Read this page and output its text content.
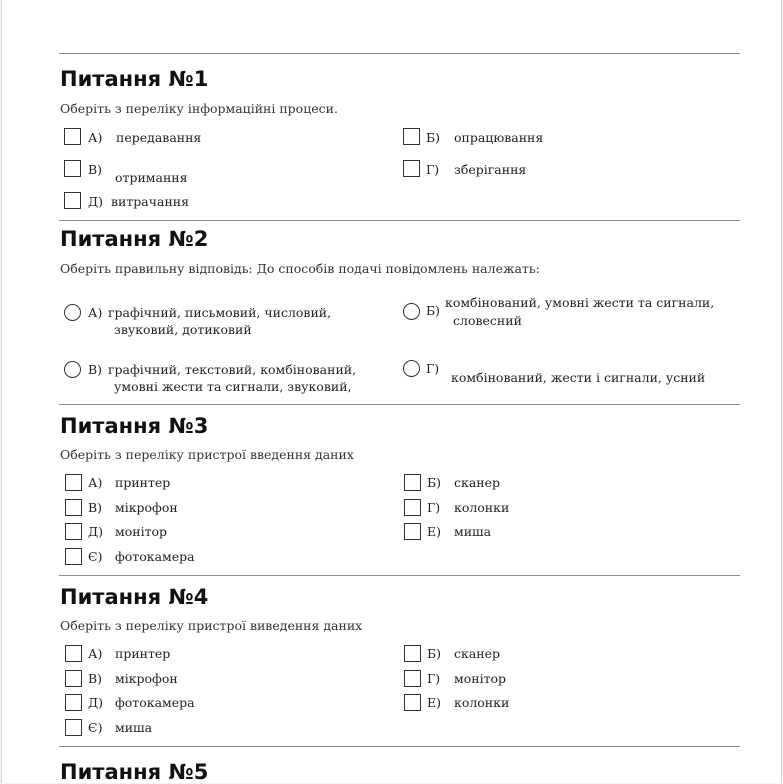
Питання №1
Оберіть з переліку інформаційні процеси.
А) передавання	Б) опрацювання
В)
отримання
Г) зберігання
Д) витрачання
Питання №2
Оберіть правильну відповідь: До способів подачі повідомлень належать:
А) графічний, письмовий, числовий,
звуковий, дотиковий
Б)
комбінований, умовні жести та сигнали,
словесний
В) графічний, текстовий, комбінований,
умовні жести та сигнали, звуковий,
Г)
комбінований, жести і сигнали, усний
Питання №3
Оберіть з переліку пристрої введення даних
А) принтер	Б) сканер
В) мікрофон	Г) колонки
Д) монітор	Е) миша
Є) фотокамера
Питання №4
Оберіть з переліку пристрої виведення даних
А) принтер	Б) сканер
В) мікрофон	Г) монітор
Д) фотокамера	Е) колонки
Є) миша
Питання №5
